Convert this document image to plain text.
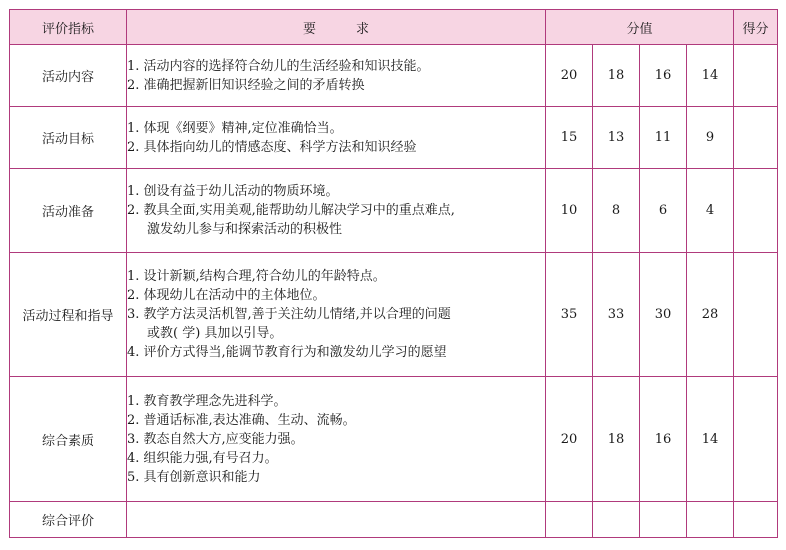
评价指标	要 求	分值				得分
活动内容	1. 活动内容的选择符合幼儿的生活经验和知识技能。
2. 准确把握新旧知识经验之间的矛盾转换	20	18	16	14	
活动目标	1. 体现《纲要》精神,定位准确恰当。
2. 具体指向幼儿的情感态度、科学方法和知识经验	15	13	11	9	
活动准备	1. 创设有益于幼儿活动的物质环境。
2. 教具全面,实用美观,能帮助幼儿解决学习中的重点难点,
激发幼儿参与和探索活动的积极性	10	8	6	4	
活动过程和指导	1. 设计新颖,结构合理,符合幼儿的年龄特点。
2. 体现幼儿在活动中的主体地位。
3. 教学方法灵活机智,善于关注幼儿情绪,并以合理的问题
或教( 学) 具加以引导。
4. 评价方式得当,能调节教育行为和激发幼儿学习的愿望	35	33	30	28	
综合素质	1. 教育教学理念先进科学。
2. 普通话标准,表达准确、生动、流畅。
3. 教态自然大方,应变能力强。
4. 组织能力强,有号召力。
5. 具有创新意识和能力	20	18	16	14	
综合评价						
